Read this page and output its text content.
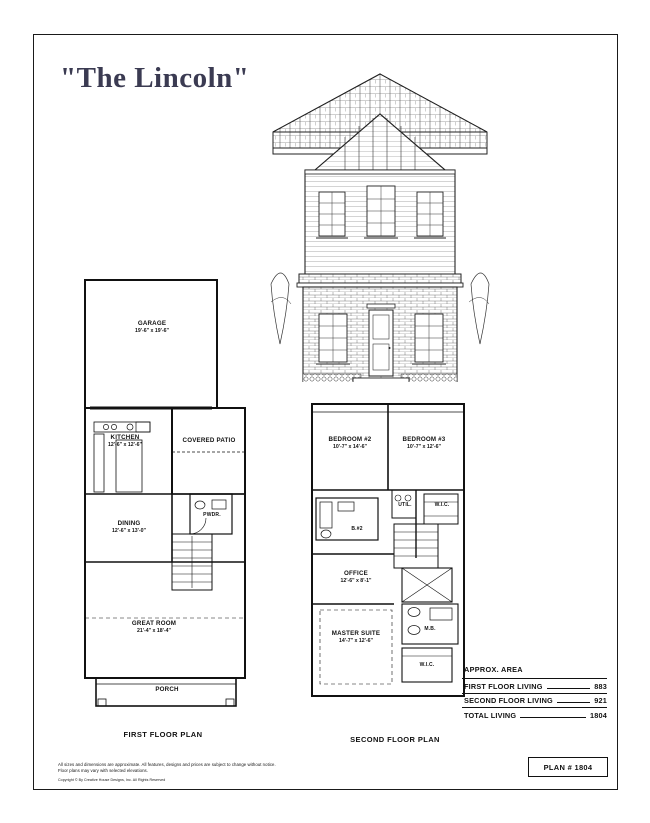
"The Lincoln"
GARAGE
19'-6" x 19'-6"
KITCHEN
12'-6" x 12'-6"
COVERED PATIO
DINING
12'-6" x 13'-0"
GREAT ROOM
21'-4" x 18'-4"
PWDR.
PORCH
FIRST FLOOR PLAN
BEDROOM #2
10'-7" x 14'-6"
BEDROOM #3
10'-7" x 12'-6"
OFFICE
12'-6" x 8'-1"
MASTER SUITE
14'-7" x 12'-6"
W.I.C.
UTIL.
B.#2
M.B.
W.I.C.
SECOND FLOOR PLAN
APPROX. AREA
FIRST FLOOR LIVING	883
SECOND FLOOR LIVING	921
TOTAL LIVING	1804
PLAN # 1804
All sizes and dimensions are approximate. All features, designs and prices are subject to change without notice.
Floor plans may vary with selected elevations.
Copyright © By Creative House Designs, Inc. All Rights Reserved
